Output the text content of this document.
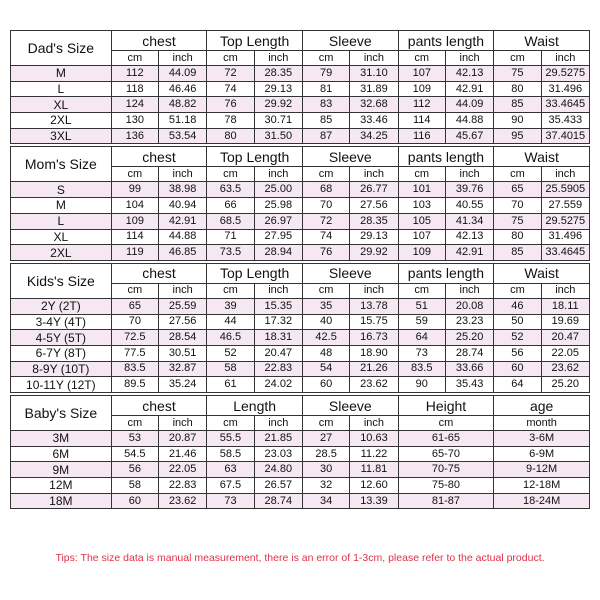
Dad's Size	chest		Top Length		Sleeve		pants length		Waist	
	cm	inch	cm	inch	cm	inch	cm	inch	cm	inch
M	112	44.09	72	28.35	79	31.10	107	42.13	75	29.5275
L	118	46.46	74	29.13	81	31.89	109	42.91	80	31.496
XL	124	48.82	76	29.92	83	32.68	112	44.09	85	33.4645
2XL	130	51.18	78	30.71	85	33.46	114	44.88	90	35.433
3XL	136	53.54	80	31.50	87	34.25	116	45.67	95	37.4015
Mom's Size	chest		Top Length		Sleeve		pants length		Waist	
	cm	inch	cm	inch	cm	inch	cm	inch	cm	inch
S	99	38.98	63.5	25.00	68	26.77	101	39.76	65	25.5905
M	104	40.94	66	25.98	70	27.56	103	40.55	70	27.559
L	109	42.91	68.5	26.97	72	28.35	105	41.34	75	29.5275
XL	114	44.88	71	27.95	74	29.13	107	42.13	80	31.496
2XL	119	46.85	73.5	28.94	76	29.92	109	42.91	85	33.4645
Kids's Size	chest		Top Length		Sleeve		pants length		Waist	
	cm	inch	cm	inch	cm	inch	cm	inch	cm	inch
2Y (2T)	65	25.59	39	15.35	35	13.78	51	20.08	46	18.11
3-4Y (4T)	70	27.56	44	17.32	40	15.75	59	23.23	50	19.69
4-5Y (5T)	72.5	28.54	46.5	18.31	42.5	16.73	64	25.20	52	20.47
6-7Y (8T)	77.5	30.51	52	20.47	48	18.90	73	28.74	56	22.05
8-9Y (10T)	83.5	32.87	58	22.83	54	21.26	83.5	33.66	60	23.62
10-11Y (12T)	89.5	35.24	61	24.02	60	23.62	90	35.43	64	25.20
Baby's Size	chest		Length		Sleeve		Height	age
	cm	inch	cm	inch	cm	inch	cm	month
3M	53	20.87	55.5	21.85	27	10.63	61-65	3-6M
6M	54.5	21.46	58.5	23.03	28.5	11.22	65-70	6-9M
9M	56	22.05	63	24.80	30	11.81	70-75	9-12M
12M	58	22.83	67.5	26.57	32	12.60	75-80	12-18M
18M	60	23.62	73	28.74	34	13.39	81-87	18-24M
Tips: The size data is manual measurement, there is an error of 1-3cm, please refer to the actual product.
